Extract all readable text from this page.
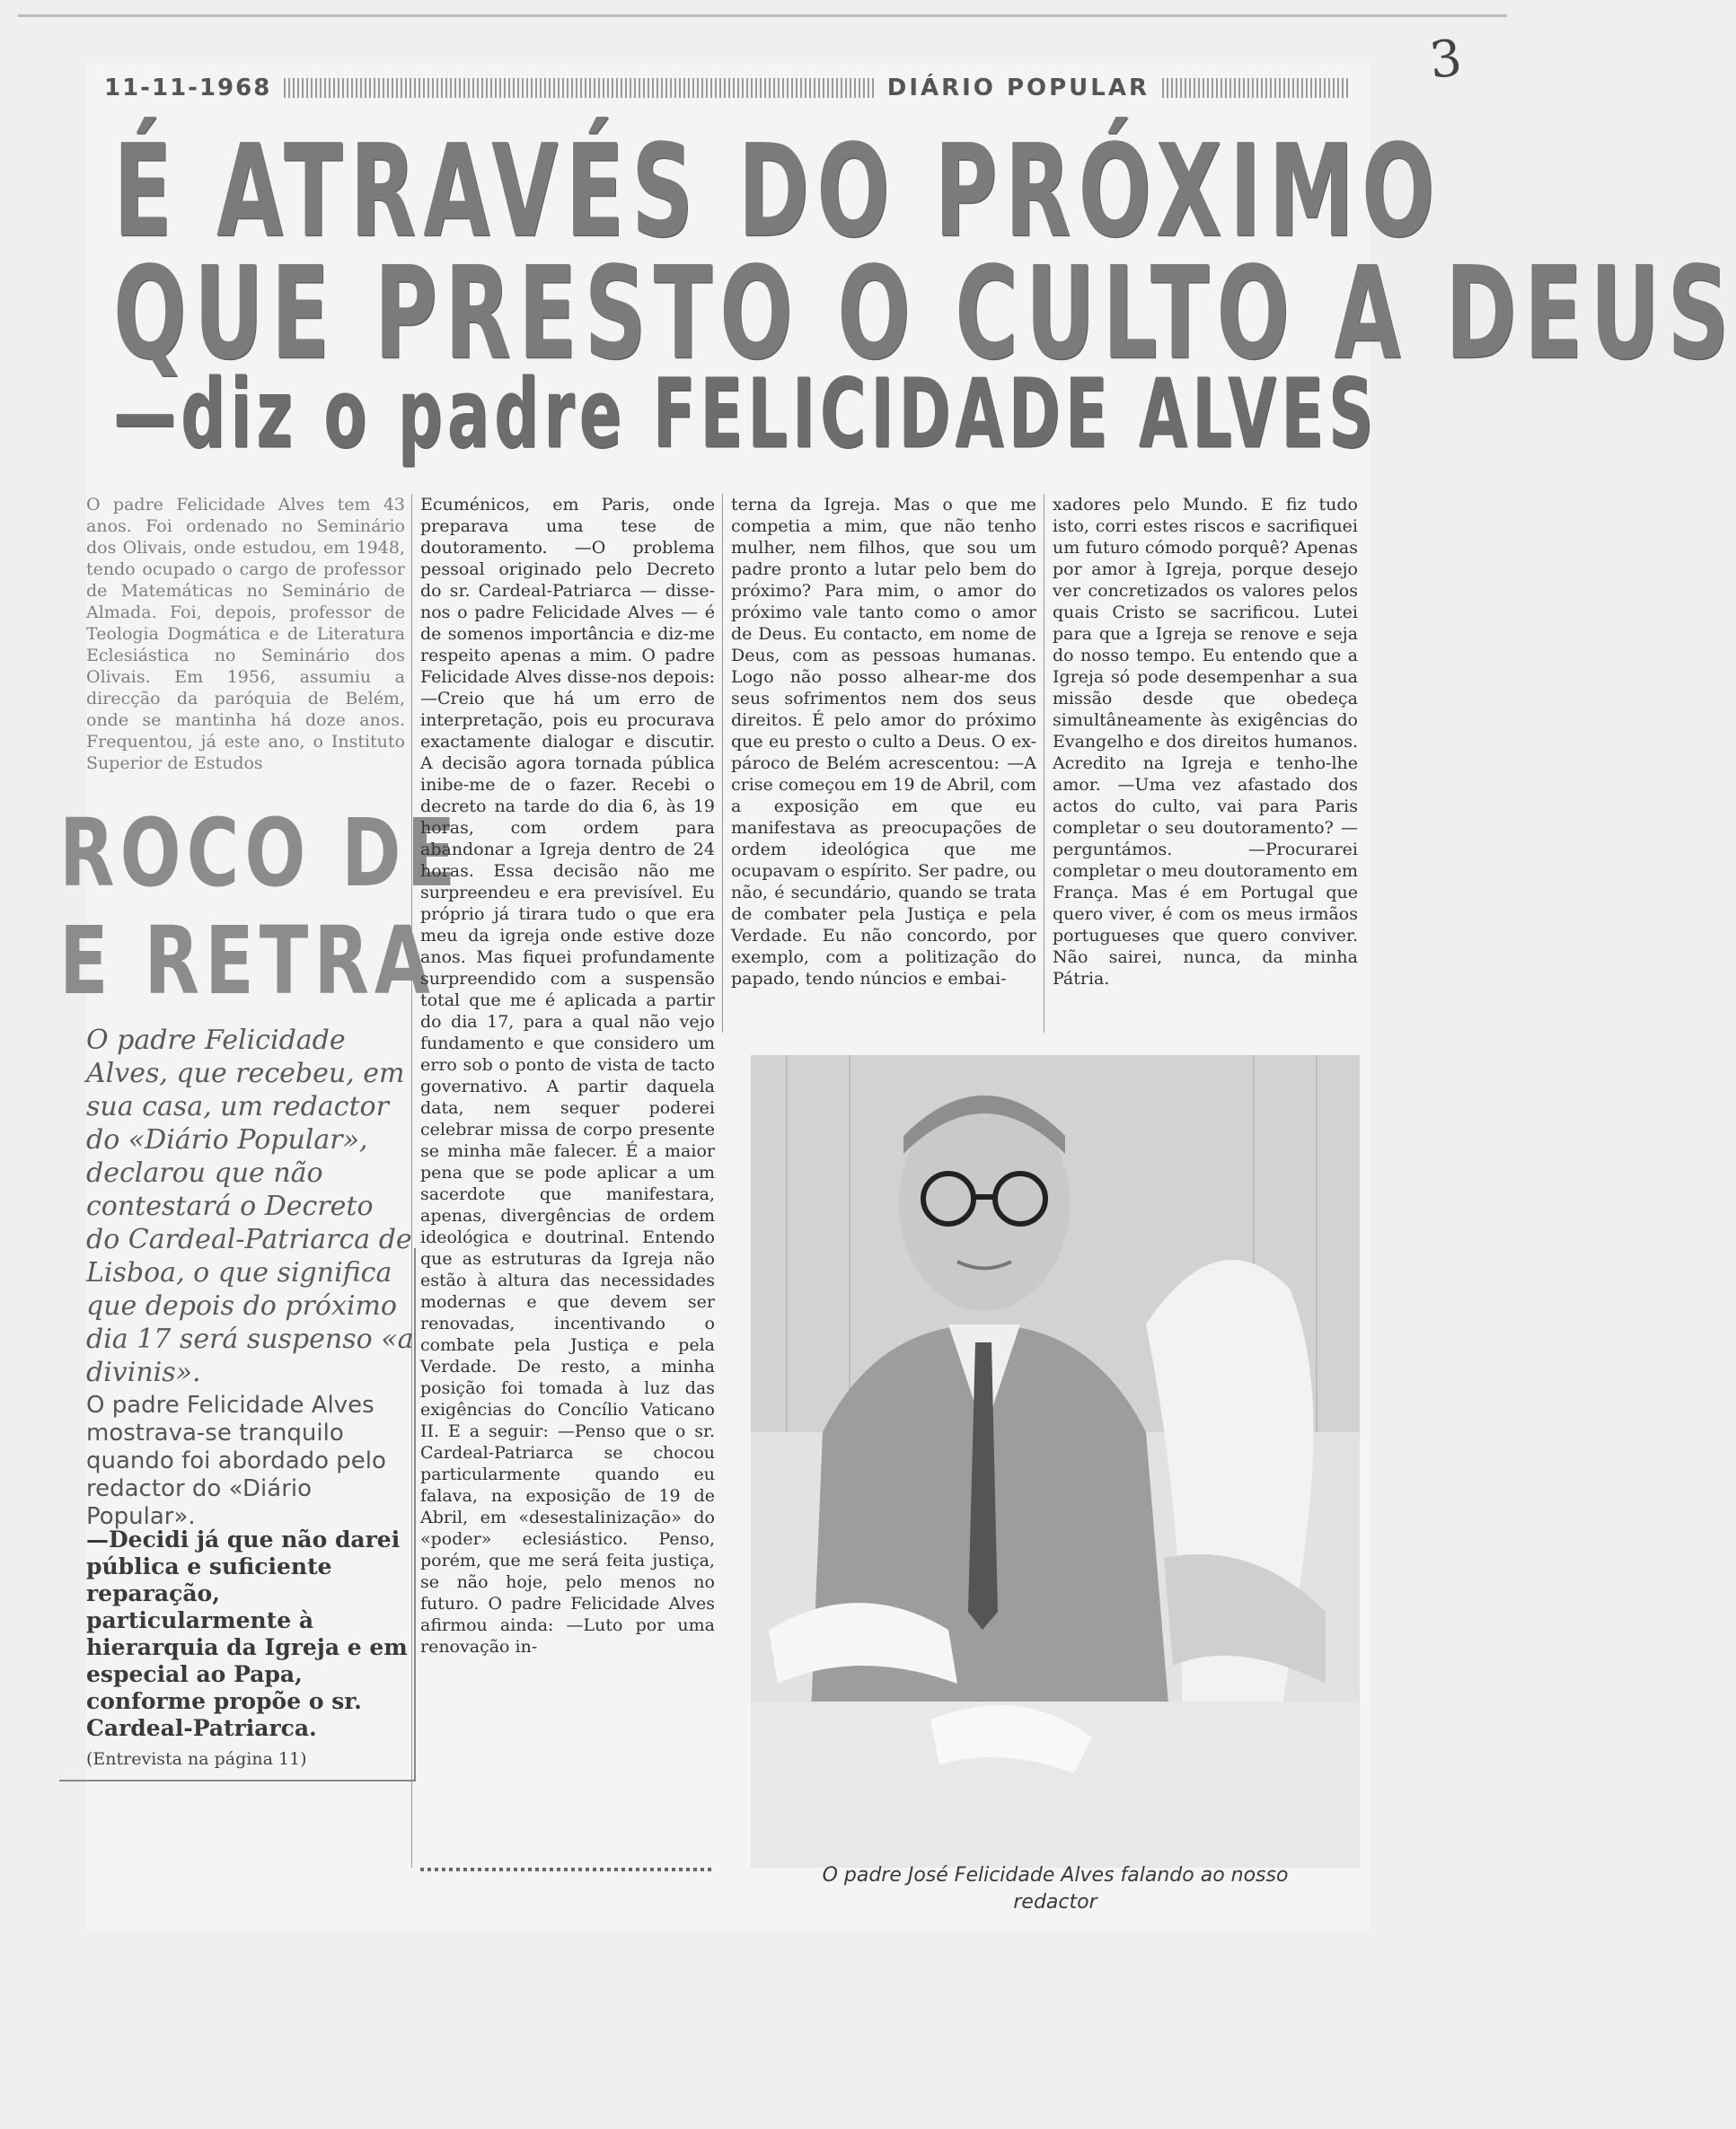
3
11-11-1968	DIÁRIO POPULAR
É ATRAVÉS DO PRÓXIMO
QUE PRESTO O CULTO A DEUS
—diz o padre FELICIDADE ALVES

O padre Felicidade Alves tem 43 anos. Foi ordenado no Seminário dos Olivais, onde estudou, em 1948, tendo ocupado o cargo de professor de Matemáticas no Seminário de Almada. Foi, depois, professor de Teologia Dogmática e de Literatura Eclesiástica no Seminário dos Olivais. Em 1956, assumiu a direcção da paróquia de Belém, onde se mantinha há doze anos. Frequentou, já este ano, o Instituto Superior de Estudos

ROCO DE
E RETRA
O padre Felicidade Alves, que recebeu, em sua casa, um redactor do «Diário Popular», declarou que não contestará o Decreto do Cardeal-Patriarca de Lisboa, o que significa que depois do próximo dia 17 será suspenso «a divinis».
O padre Felicidade Alves mostrava-se tranquilo quando foi abordado pelo redactor do «Diário Popular».
—Decidi já que não darei pública e suficiente reparação, particularmente à hierarquia da Igreja e em especial ao Papa, conforme propõe o sr. Cardeal-Patriarca.
(Entrevista na página 11)

Ecuménicos, em Paris, onde preparava uma tese de doutoramento. —O problema pessoal originado pelo Decreto do sr. Cardeal-Patriarca — disse-nos o padre Felicidade Alves — é de somenos importância e diz-me respeito apenas a mim. O padre Felicidade Alves disse-nos depois: —Creio que há um erro de interpretação, pois eu procurava exactamente dialogar e discutir. A decisão agora tornada pública inibe-me de o fazer. Recebi o decreto na tarde do dia 6, às 19 horas, com ordem para abandonar a Igreja dentro de 24 horas. Essa decisão não me surpreendeu e era previsível. Eu próprio já tirara tudo o que era meu da igreja onde estive doze anos. Mas fiquei profundamente surpreendido com a suspensão total que me é aplicada a partir do dia 17, para a qual não vejo fundamento e que considero um erro sob o ponto de vista de tacto governativo. A partir daquela data, nem sequer poderei celebrar missa de corpo presente se minha mãe falecer. É a maior pena que se pode aplicar a um sacerdote que manifestara, apenas, divergências de ordem ideológica e doutrinal. Entendo que as estruturas da Igreja não estão à altura das necessidades modernas e que devem ser renovadas, incentivando o combate pela Justiça e pela Verdade. De resto, a minha posição foi tomada à luz das exigências do Concílio Vaticano II. E a seguir: —Penso que o sr. Cardeal-Patriarca se chocou particularmente quando eu falava, na exposição de 19 de Abril, em «desestalinização» do «poder» eclesiástico. Penso, porém, que me será feita justiça, se não hoje, pelo menos no futuro. O padre Felicidade Alves afirmou ainda: —Luto por uma renovação in-

terna da Igreja. Mas o que me competia a mim, que não tenho mulher, nem filhos, que sou um padre pronto a lutar pelo bem do próximo? Para mim, o amor do próximo vale tanto como o amor de Deus. Eu contacto, em nome de Deus, com as pessoas humanas. Logo não posso alhear-me dos seus sofrimentos nem dos seus direitos. É pelo amor do próximo que eu presto o culto a Deus. O ex-pároco de Belém acrescentou: —A crise começou em 19 de Abril, com a exposição em que eu manifestava as preocupações de ordem ideológica que me ocupavam o espírito. Ser padre, ou não, é secundário, quando se trata de combater pela Justiça e pela Verdade. Eu não concordo, por exemplo, com a politização do papado, tendo núncios e embai-

xadores pelo Mundo. E fiz tudo isto, corri estes riscos e sacrifiquei um futuro cómodo porquê? Apenas por amor à Igreja, porque desejo ver concretizados os valores pelos quais Cristo se sacrificou. Lutei para que a Igreja se renove e seja do nosso tempo. Eu entendo que a Igreja só pode desempenhar a sua missão desde que obedeça simultâneamente às exigências do Evangelho e dos direitos humanos. Acredito na Igreja e tenho-lhe amor. —Uma vez afastado dos actos do culto, vai para Paris completar o seu doutoramento? — perguntámos. —Procurarei completar o meu doutoramento em França. Mas é em Portugal que quero viver, é com os meus irmãos portugueses que quero conviver. Não sairei, nunca, da minha Pátria.

O padre José Felicidade Alves falando ao nosso
redactor
